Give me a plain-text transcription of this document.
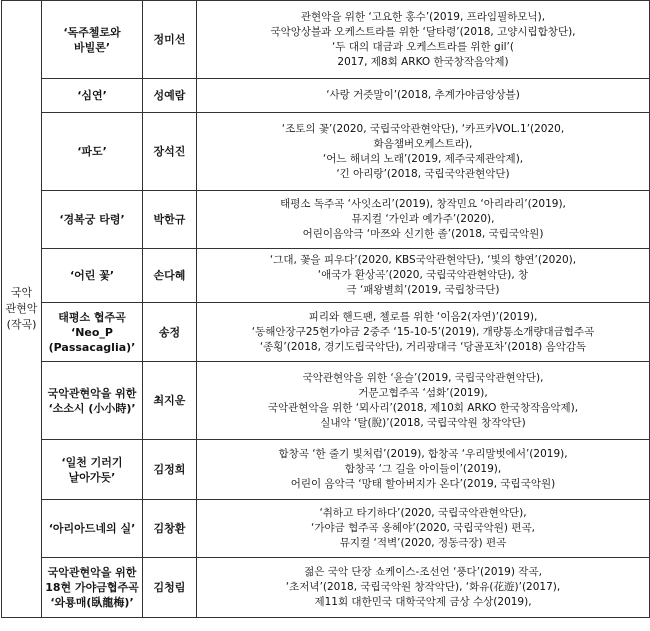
국악
관현악
(작곡)	‘독주첼로와
바빌론’	정미선	관현악을 위한 ‘고요한 홍수’(2019, 프라임필하모닉),
국악앙상블과 오케스트라를 위한 ‘달타령’(2018, 고양시립합창단),
‘두 대의 대금과 오케스트라를 위한 gil’(
2017, 제8회 ARKO 한국창작음악제)

	‘심연’	성예람	‘사랑 거즛말이’(2018, 추계가야금앙상블)

	‘파도’	장석진	‘조토의 꽃’(2020, 국립국악관현악단), ‘카프카VOL.1’(2020,
화음챔버오케스트라),
‘어느 해녀의 노래’(2019, 제주국제관악제),
‘긴 아리랑’(2018, 국립국악관현악단)

	‘경복궁 타령’	박한규	태평소 독주곡 ‘사잇소리’(2019), 창작민요 ‘아리라리’(2019),
뮤지컬 ‘가인과 예가주’(2020),
어린이음악극 ‘마쯔와 신기한 졸’(2018, 국립국악원)

	‘어린 꽃’	손다혜	‘그대, 꽃을 피우다’(2020, KBS국악관현악단), ‘빛의 향연’(2020),
‘애국가 환상곡’(2020, 국립국악관현악단), 창
극 ‘패왕별희’(2019, 국립창극단)

	태평소 협주곡
‘Neo_P
(Passacaglia)’	송정	피리와 핸드팬, 첼로를 위한 ‘이음2(자연)’(2019),
‘동해안장구25현가야금 2중주 ‘15-10-5’(2019), 개량통소개량대금협주곡
‘종횡’(2018, 경기도립국악단), 거리광대극 ‘당골포차’(2018) 음악감독

	국악관현악을 위한
‘소소시 (小小時)’	최지운	국악관현악을 위한 ‘윤슬’(2019, 국립국악관현악단),
거문고협주곡 ‘섬화’(2019),
국악관현악을 위한 ‘뫼사리’(2018, 제10회 ARKO 한국창작음악제),
실내악 ‘탈(脫)’(2018, 국립국악원 창작악단)

	‘일천 기러기
날아가듯’	김정희	합창곡 ‘한 줄기 빛처럼’(2019), 합창곡 ‘우리말벗에서’(2019),
합창곡 ‘그 길을 아이들이’(2019),
어린이 음악극 ‘망태 할아버지가 온다’(2019, 국립국악원)

	‘아리아드네의 실’	김창환	‘취하고 타기하다’(2020, 국립국악관현악단),
‘가야금 협주곡 옹헤야’(2020, 국립국악원) 편곡,
뮤지컬 ‘적벽’(2020, 정동극장) 편곡

	국악관현악을 위한
18현 가야금협주곡
‘와룡매(臥龍梅)’	김청림	젊은 국악 단장 쇼케이스-조선언 ‘풍다’(2019) 작곡,
‘초저녁’(2018, 국립국악원 창작악단), ‘화유(花遊)’(2017),
제11회 대한민국 대학국악제 금상 수상(2019),
